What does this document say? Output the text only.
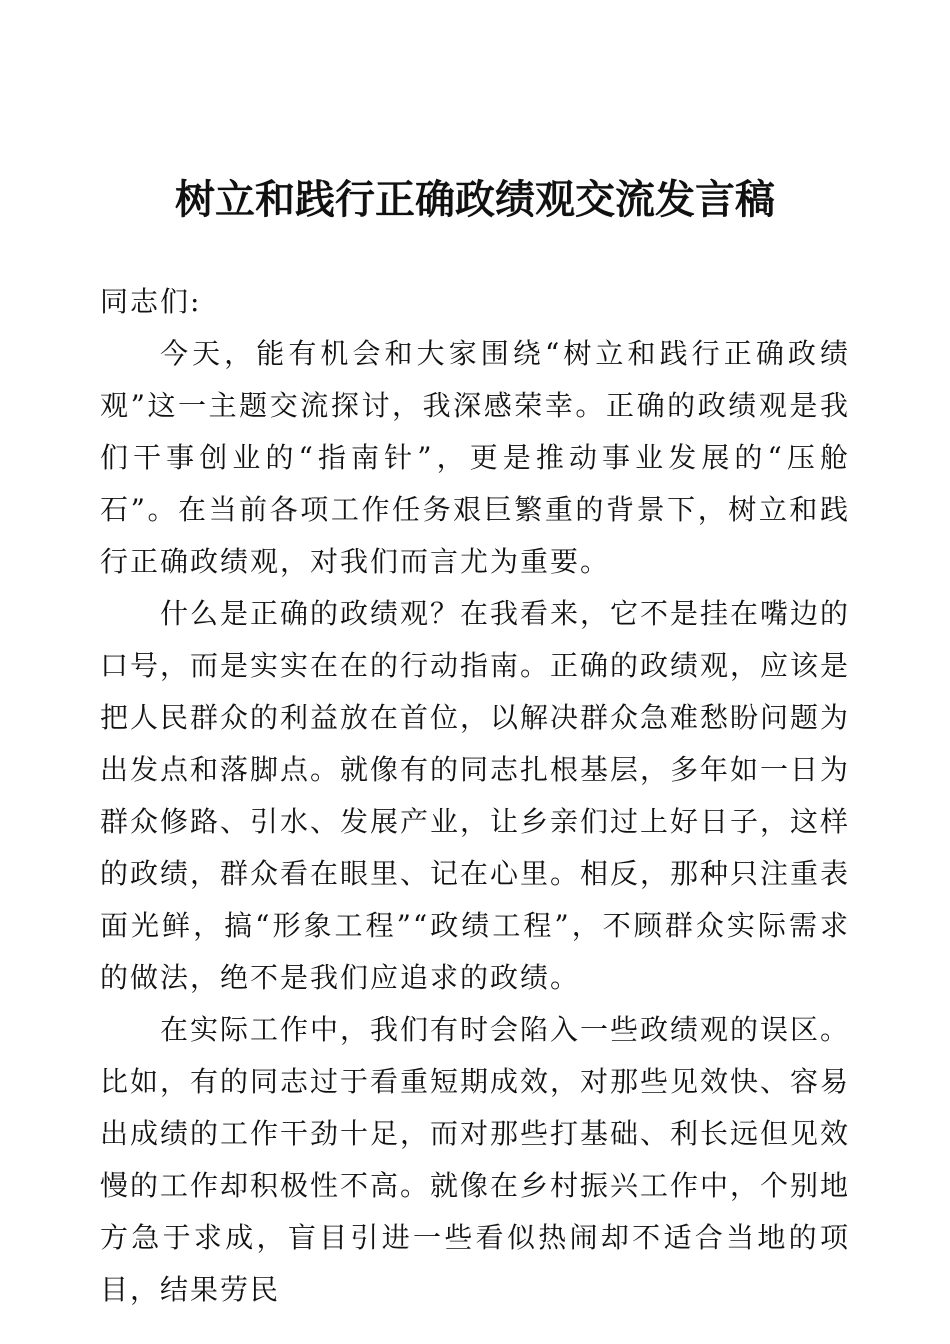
树立和践行正确政绩观交流发言稿

同志们:

今天，能有机会和大家围绕“树立和践行正确政绩观”这一主题交流探讨，我深感荣幸。正确的政绩观是我们干事创业的“指南针”，更是推动事业发展的“压舱石”。在当前各项工作任务艰巨繁重的背景下，树立和践行正确政绩观，对我们而言尤为重要。

什么是正确的政绩观？在我看来，它不是挂在嘴边的口号，而是实实在在的行动指南。正确的政绩观，应该是把人民群众的利益放在首位，以解决群众急难愁盼问题为出发点和落脚点。就像有的同志扎根基层，多年如一日为群众修路、引水、发展产业，让乡亲们过上好日子，这样的政绩，群众看在眼里、记在心里。相反，那种只注重表面光鲜，搞“形象工程”“政绩工程”，不顾群众实际需求的做法，绝不是我们应追求的政绩。

在实际工作中，我们有时会陷入一些政绩观的误区。比如，有的同志过于看重短期成效，对那些见效快、容易出成绩的工作干劲十足，而对那些打基础、利长远但见效慢的工作却积极性不高。就像在乡村振兴工作中，个别地方急于求成，盲目引进一些看似热闹却不适合当地的项目，结果劳民
